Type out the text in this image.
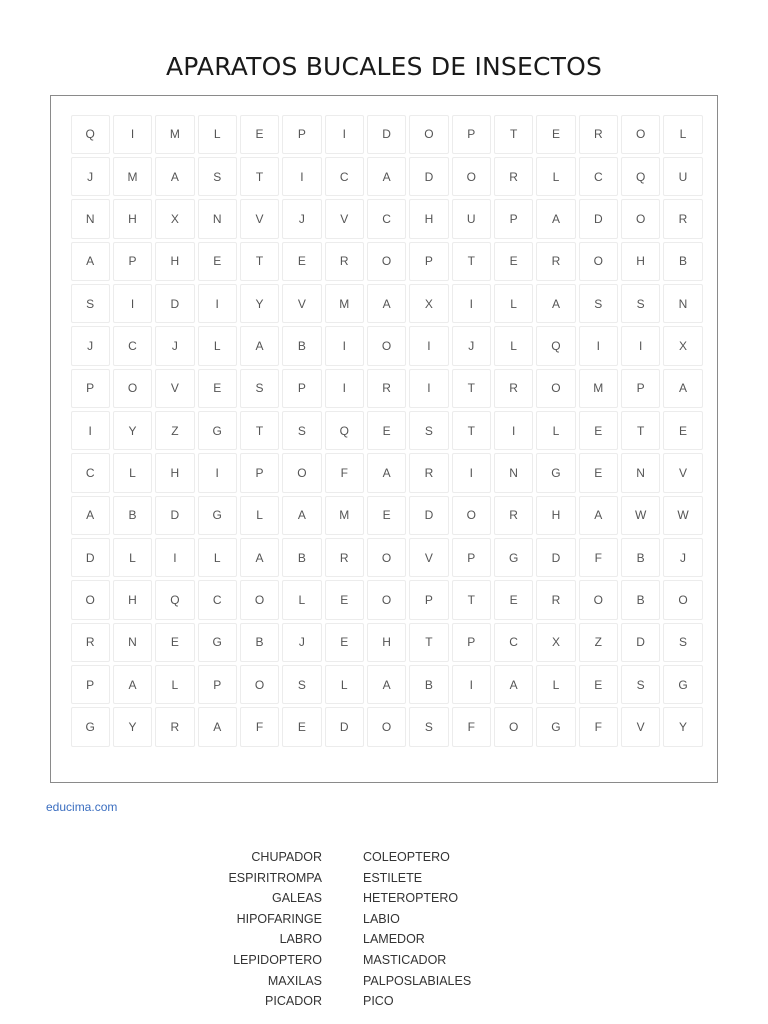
APARATOS BUCALES DE INSECTOS
Q	I	M	L	E	P	I	D	O	P	T	E	R	O	L
J	M	A	S	T	I	C	A	D	O	R	L	C	Q	U
N	H	X	N	V	J	V	C	H	U	P	A	D	O	R
A	P	H	E	T	E	R	O	P	T	E	R	O	H	B
S	I	D	I	Y	V	M	A	X	I	L	A	S	S	N
J	C	J	L	A	B	I	O	I	J	L	Q	I	I	X
P	O	V	E	S	P	I	R	I	T	R	O	M	P	A
I	Y	Z	G	T	S	Q	E	S	T	I	L	E	T	E
C	L	H	I	P	O	F	A	R	I	N	G	E	N	V
A	B	D	G	L	A	M	E	D	O	R	H	A	W	W
D	L	I	L	A	B	R	O	V	P	G	D	F	B	J
O	H	Q	C	O	L	E	O	P	T	E	R	O	B	O
R	N	E	G	B	J	E	H	T	P	C	X	Z	D	S
P	A	L	P	O	S	L	A	B	I	A	L	E	S	G
G	Y	R	A	F	E	D	O	S	F	O	G	F	V	Y
educima.com
CHUPADOR
ESPIRITROMPA
GALEAS
HIPOFARINGE
LABRO
LEPIDOPTERO
MAXILAS
PICADOR
COLEOPTERO
ESTILETE
HETEROPTERO
LABIO
LAMEDOR
MASTICADOR
PALPOSLABIALES
PICO
